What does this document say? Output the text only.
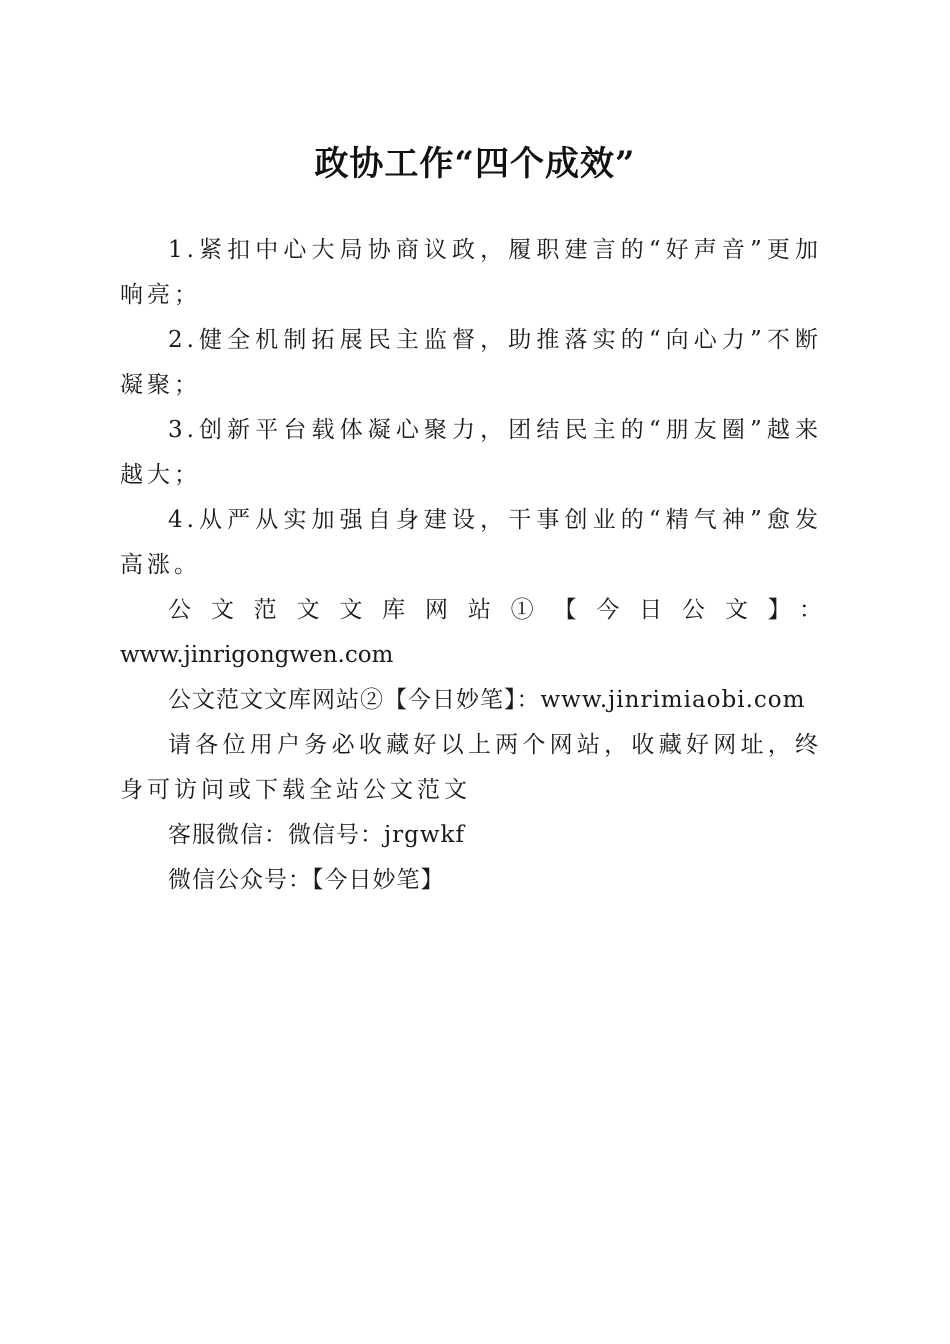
政协工作“四个成效”

1.紧扣中心大局协商议政，履职建言的“好声音”更加响亮；

2.健全机制拓展民主监督，助推落实的“向心力”不断凝聚；

3.创新平台载体凝心聚力，团结民主的“朋友圈”越来越大；

4.从严从实加强自身建设，干事创业的“精气神”愈发高涨。

公文范文文库网站①【今日公文】：
www.jinrigongwen.com

公文范文文库网站②【今日妙笔】：www.jinrimiaobi.com

请各位用户务必收藏好以上两个网站，收藏好网址，终身可访问或下载全站公文范文

客服微信：微信号：jrgwkf

微信公众号：【今日妙笔】
